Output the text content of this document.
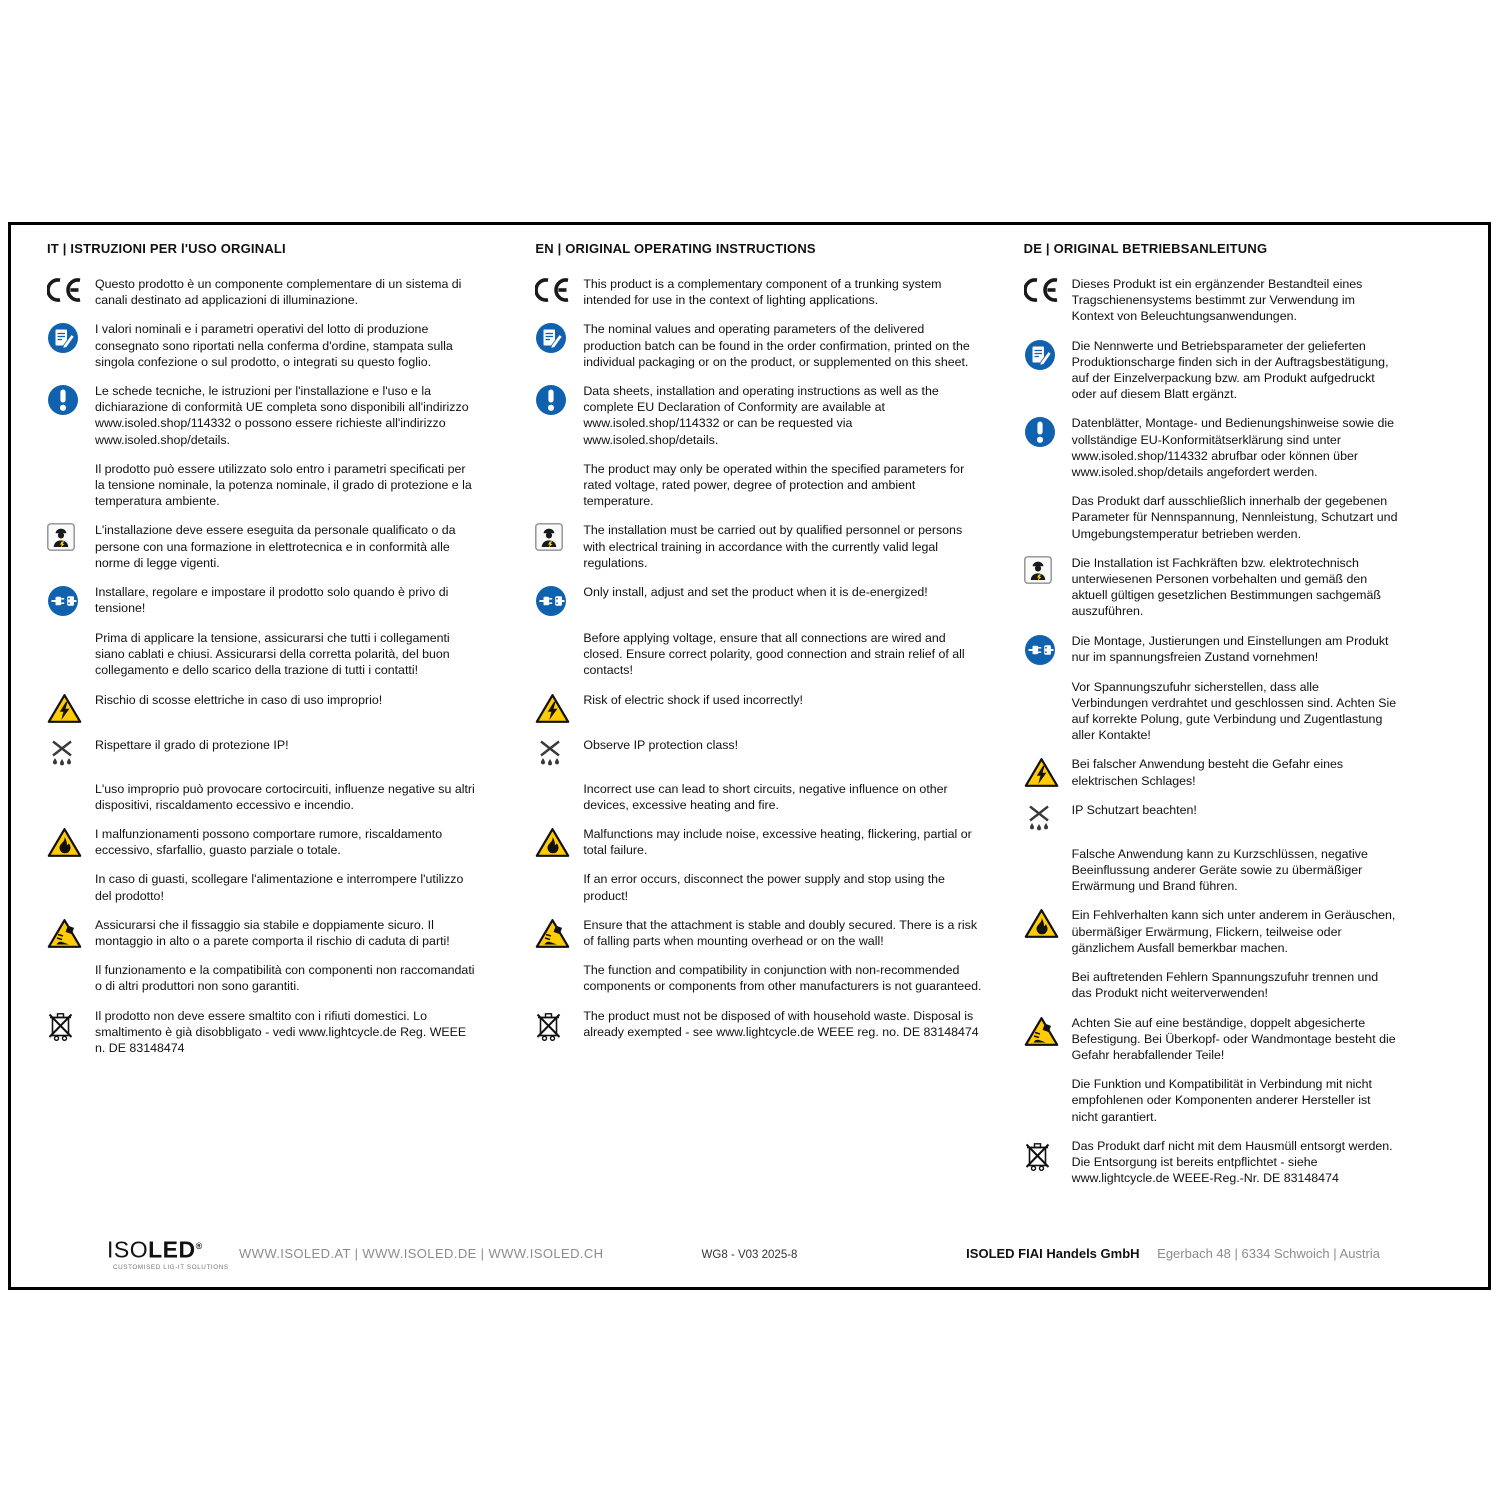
IT | ISTRUZIONI PER l'USO ORGINALI
Questo prodotto è un componente complementare di un sistema di canali destinato ad applicazioni di illuminazione.
I valori nominali e i parametri operativi del lotto di produzione consegnato sono riportati nella conferma d'ordine, stampata sulla singola confezione o sul prodotto, o integrati su questo foglio.
Le schede tecniche, le istruzioni per l'installazione e l'uso e la dichiarazione di conformità UE completa sono disponibili all'indirizzo www.isoled.shop/114332 o possono essere richieste all'indirizzo www.isoled.shop/details.
Il prodotto può essere utilizzato solo entro i parametri specificati per la tensione nominale, la potenza nominale, il grado di protezione e la temperatura ambiente.
L'installazione deve essere eseguita da personale qualificato o da persone con una formazione in elettrotecnica e in conformità alle norme di legge vigenti.
Installare, regolare e impostare il prodotto solo quando è privo di tensione!
Prima di applicare la tensione, assicurarsi che tutti i collegamenti siano cablati e chiusi. Assicurarsi della corretta polarità, del buon collegamento e dello scarico della trazione di tutti i contatti!
Rischio di scosse elettriche in caso di uso improprio!
Rispettare il grado di protezione IP!
L'uso improprio può provocare cortocircuiti, influenze negative su altri dispositivi, riscaldamento eccessivo e incendio.
I malfunzionamenti possono comportare rumore, riscaldamento eccessivo, sfarfallio, guasto parziale o totale.
In caso di guasti, scollegare l'alimentazione e interrompere l'utilizzo del prodotto!
Assicurarsi che il fissaggio sia stabile e doppiamente sicuro. Il montaggio in alto o a parete comporta il rischio di caduta di parti!
Il funzionamento e la compatibilità con componenti non raccomandati o di altri produttori non sono garantiti.
Il prodotto non deve essere smaltito con i rifiuti domestici. Lo smaltimento è già disobbligato - vedi www.lightcycle.de Reg. WEEE n. DE 83148474
EN | ORIGINAL OPERATING INSTRUCTIONS
This product is a complementary component of a trunking system intended for use in the context of lighting applications.
The nominal values and operating parameters of the delivered production batch can be found in the order confirmation, printed on the individual packaging or on the product, or supplemented on this sheet.
Data sheets, installation and operating instructions as well as the complete EU Declaration of Conformity are available at www.isoled.shop/114332 or can be requested via www.isoled.shop/details.
The product may only be operated within the specified parameters for rated voltage, rated power, degree of protection and ambient temperature.
The installation must be carried out by qualified personnel or persons with electrical training in accordance with the currently valid legal regulations.
Only install, adjust and set the product when it is de-energized!
Before applying voltage, ensure that all connections are wired and closed. Ensure correct polarity, good connection and strain relief of all contacts!
Risk of electric shock if used incorrectly!
Observe IP protection class!
Incorrect use can lead to short circuits, negative influence on other devices, excessive heating and fire.
Malfunctions may include noise, excessive heating, flickering, partial or total failure.
If an error occurs, disconnect the power supply and stop using the product!
Ensure that the attachment is stable and doubly secured. There is a risk of falling parts when mounting overhead or on the wall!
The function and compatibility in conjunction with non-recommended components or components from other manufacturers is not guaranteed.
The product must not be disposed of with household waste. Disposal is already exempted - see www.lightcycle.de WEEE reg. no. DE 83148474
DE | ORIGINAL BETRIEBSANLEITUNG
Dieses Produkt ist ein ergänzender Bestandteil eines Tragschienensystems bestimmt zur Verwendung im Kontext von Beleuchtungsanwendungen.
Die Nennwerte und Betriebsparameter der gelieferten Produktionscharge finden sich in der Auftragsbestätigung, auf der Einzelverpackung bzw. am Produkt aufgedruckt oder auf diesem Blatt ergänzt.
Datenblätter, Montage- und Bedienungshinweise sowie die vollständige EU-Konformitätserklärung sind unter www.isoled.shop/114332 abrufbar oder können über www.isoled.shop/details angefordert werden.
Das Produkt darf ausschließlich innerhalb der gegebenen Parameter für Nennspannung, Nennleistung, Schutzart und Umgebungstemperatur betrieben werden.
Die Installation ist Fachkräften bzw. elektrotechnisch unterwiesenen Personen vorbehalten und gemäß den aktuell gültigen gesetzlichen Bestimmungen sachgemäß auszuführen.
Die Montage, Justierungen und Einstellungen am Produkt nur im spannungsfreien Zustand vornehmen!
Vor Spannungszufuhr sicherstellen, dass alle Verbindungen verdrahtet und geschlossen sind. Achten Sie auf korrekte Polung, gute Verbindung und Zugentlastung aller Kontakte!
Bei falscher Anwendung besteht die Gefahr eines elektrischen Schlages!
IP Schutzart beachten!
Falsche Anwendung kann zu Kurzschlüssen, negative Beeinflussung anderer Geräte sowie zu übermäßiger Erwärmung und Brand führen.
Ein Fehlverhalten kann sich unter anderem in Geräuschen, übermäßiger Erwärmung, Flickern, teilweise oder gänzlichem Ausfall bemerkbar machen.
Bei auftretenden Fehlern Spannungszufuhr trennen und das Produkt nicht weiterverwenden!
Achten Sie auf eine beständige, doppelt abgesicherte Befestigung. Bei Überkopf- oder Wandmontage besteht die Gefahr herabfallender Teile!
Die Funktion und Kompatibilität in Verbindung mit nicht empfohlenen oder Komponenten anderer Hersteller ist nicht garantiert.
Das Produkt darf nicht mit dem Hausmüll entsorgt werden. Die Entsorgung ist bereits entpflichtet - siehe www.lightcycle.de WEEE-Reg.-Nr. DE 83148474
ISOLED®
CUSTOMISED LIG-IT SOLUTIONS
WWW.ISOLED.AT | WWW.ISOLED.DE | WWW.ISOLED.CH	WG8 - V03 2025-8	ISOLED FIAI Handels GmbH Egerbach 48 | 6334 Schwoich | Austria
